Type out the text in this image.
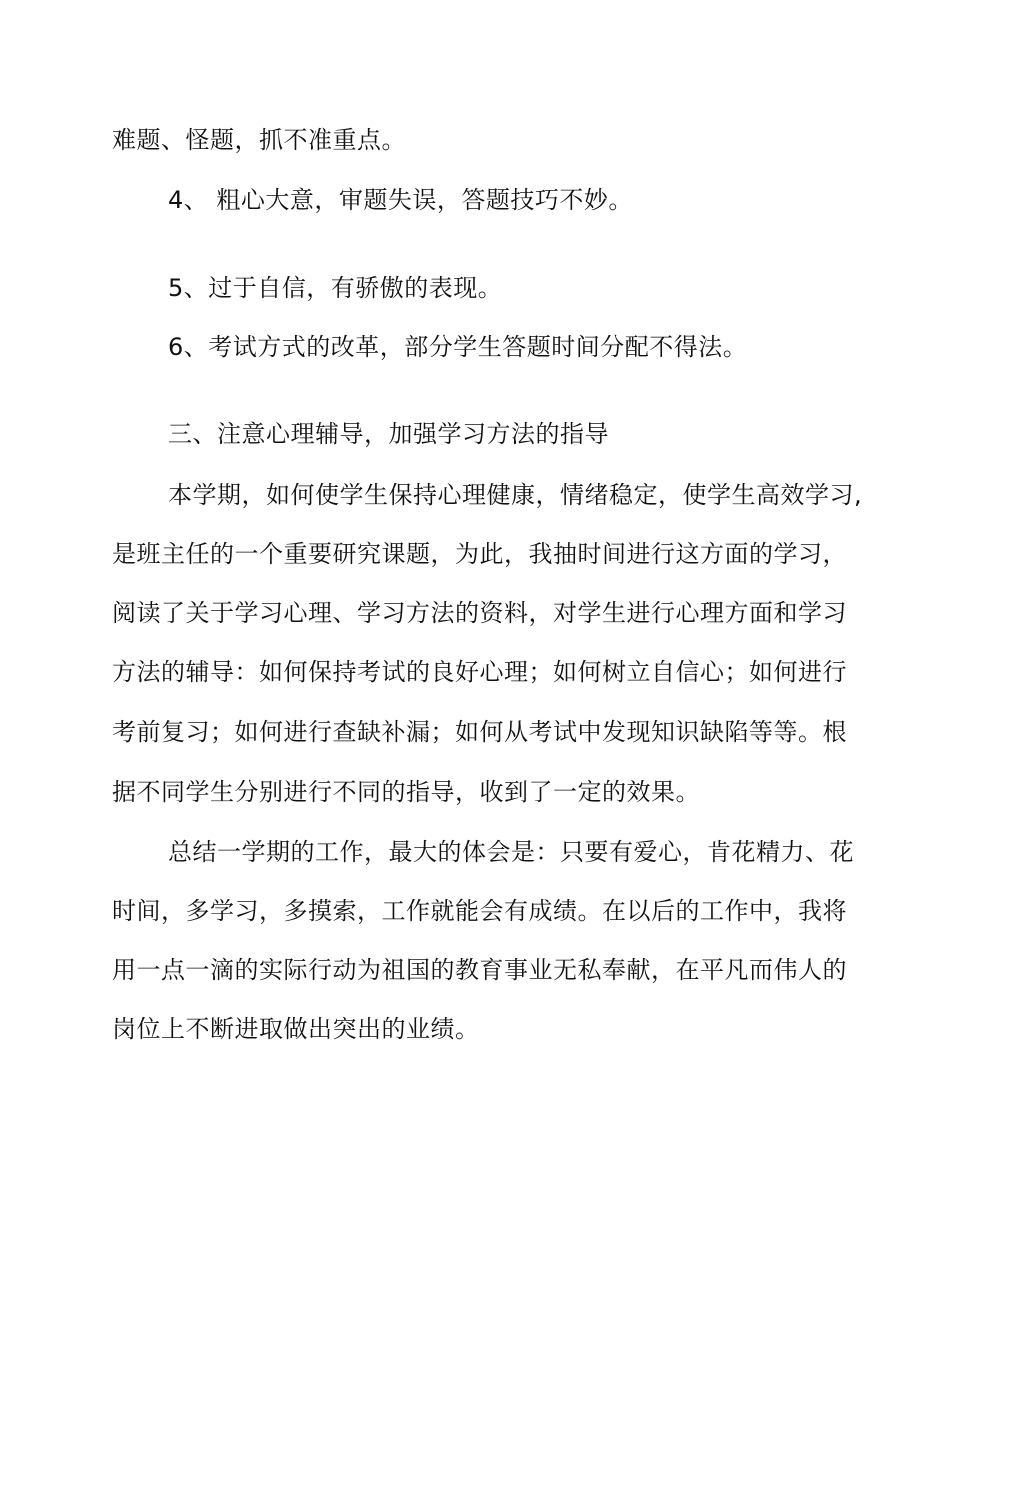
难题、怪题，抓不准重点。
4、 粗心大意，审题失误，答题技巧不妙。
5、过于自信，有骄傲的表现。
6、考试方式的改革，部分学生答题时间分配不得法。
三、注意心理辅导，加强学习方法的指导
本学期，如何使学生保持心理健康，情绪稳定，使学生高效学习,
是班主任的一个重要研究课题，为此，我抽时间进行这方面的学习，
阅读了关于学习心理、学习方法的资料，对学生进行心理方面和学习
方法的辅导：如何保持考试的良好心理；如何树立自信心；如何进行
考前复习；如何进行查缺补漏；如何从考试中发现知识缺陷等等。根
据不同学生分别进行不同的指导，收到了一定的效果。
总结一学期的工作，最大的体会是：只要有爱心，肯花精力、花
时间，多学习，多摸索，工作就能会有成绩。在以后的工作中，我将
用一点一滴的实际行动为祖国的教育事业无私奉献，在平凡而伟人的
岗位上不断进取做出突出的业绩。
